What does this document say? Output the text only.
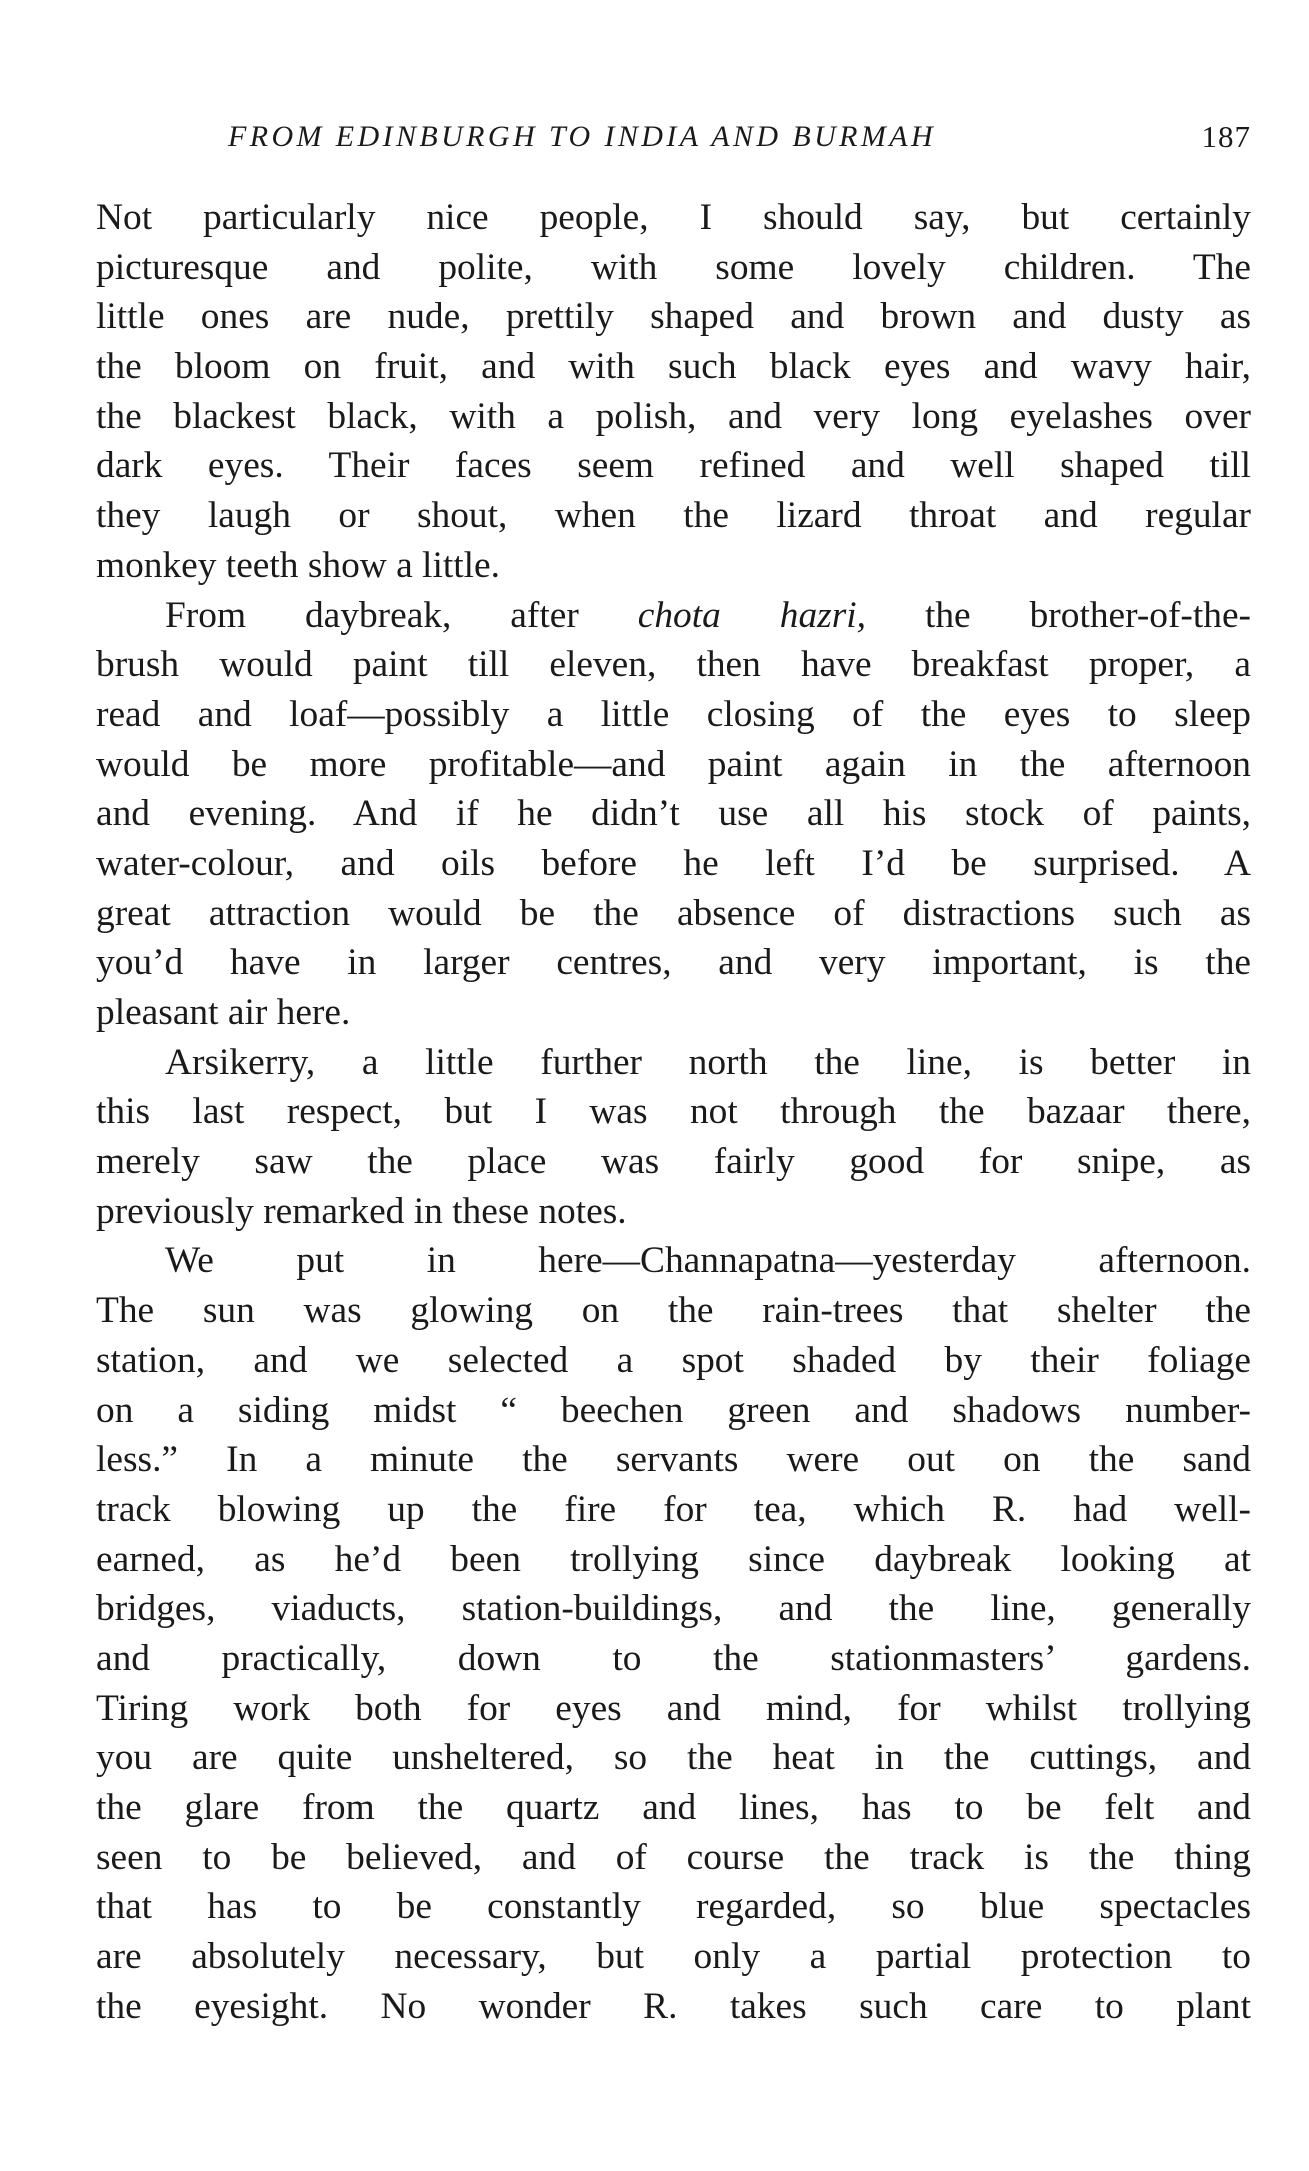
FROM EDINBURGH TO INDIA AND BURMAH	187
Not particularly nice people, I should say, but certainly
picturesque and polite, with some lovely children. The
little ones are nude, prettily shaped and brown and dusty as
the bloom on fruit, and with such black eyes and wavy hair,
the blackest black, with a polish, and very long eyelashes over
dark eyes. Their faces seem refined and well shaped till
they laugh or shout, when the lizard throat and regular
monkey teeth show a little.
From daybreak, after chota hazri, the brother-of-the-
brush would paint till eleven, then have breakfast proper, a
read and loaf—possibly a little closing of the eyes to sleep
would be more profitable—and paint again in the afternoon
and evening. And if he didn’t use all his stock of paints,
water-colour, and oils before he left I’d be surprised. A
great attraction would be the absence of distractions such as
you’d have in larger centres, and very important, is the
pleasant air here.
Arsikerry, a little further north the line, is better in
this last respect, but I was not through the bazaar there,
merely saw the place was fairly good for snipe, as
previously remarked in these notes.
We put in here—Channapatna—yesterday afternoon.
The sun was glowing on the rain-trees that shelter the
station, and we selected a spot shaded by their foliage
on a siding midst “ beechen green and shadows number-
less.” In a minute the servants were out on the sand
track blowing up the fire for tea, which R. had well-
earned, as he’d been trollying since daybreak looking at
bridges, viaducts, station-buildings, and the line, generally
and practically, down to the stationmasters’ gardens.
Tiring work both for eyes and mind, for whilst trollying
you are quite unsheltered, so the heat in the cuttings, and
the glare from the quartz and lines, has to be felt and
seen to be believed, and of course the track is the thing
that has to be constantly regarded, so blue spectacles
are absolutely necessary, but only a partial protection to
the eyesight. No wonder R. takes such care to plant
